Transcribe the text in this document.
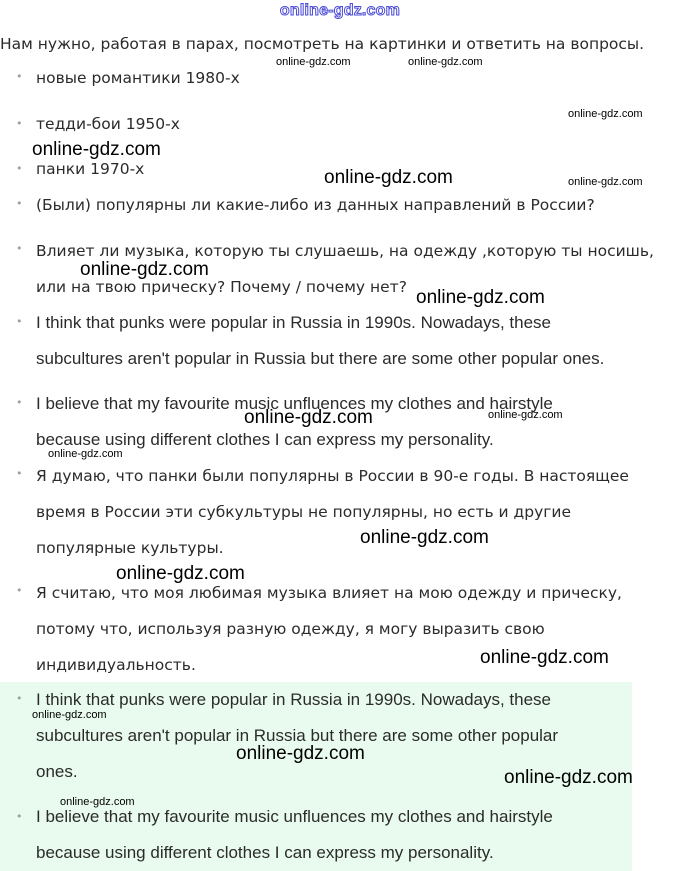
online-gdz.com
Нам нужно, работая в парах, посмотреть на картинки и ответить на вопросы.
• новые романтики 1980-х
• тедди-бои 1950-х
• панки 1970-х
• (Были) популярны ли какие-либо из данных направлений в России?
• Влияет ли музыка, которую ты слушаешь, на одежду ,которую ты носишь,
или на твою прическу? Почему / почему нет?
• I think that punks were popular in Russia in 1990s. Nowadays, these
subcultures aren't popular in Russia but there are some other popular ones.
• I believe that my favourite music unfluences my clothes and hairstyle
because using different clothes I can express my personality.
• Я думаю, что панки были популярны в России в 90-е годы. В настоящее
время в России эти субкультуры не популярны, но есть и другие
популярные культуры.
• Я считаю, что моя любимая музыка влияет на мою одежду и прическу,
потому что, используя разную одежду, я могу выразить свою
индивидуальность.
• I think that punks were popular in Russia in 1990s. Nowadays, these
subcultures aren't popular in Russia but there are some other popular
ones.
• I believe that my favourite music unfluences my clothes and hairstyle
because using different clothes I can express my personality.
online-gdz.com	online-gdz.com
online-gdz.com
online-gdz.com
online-gdz.com	online-gdz.com
online-gdz.com
online-gdz.com
online-gdz.com	online-gdz.com
online-gdz.com
online-gdz.com
online-gdz.com
online-gdz.com
online-gdz.com
online-gdz.com
online-gdz.com
online-gdz.com
